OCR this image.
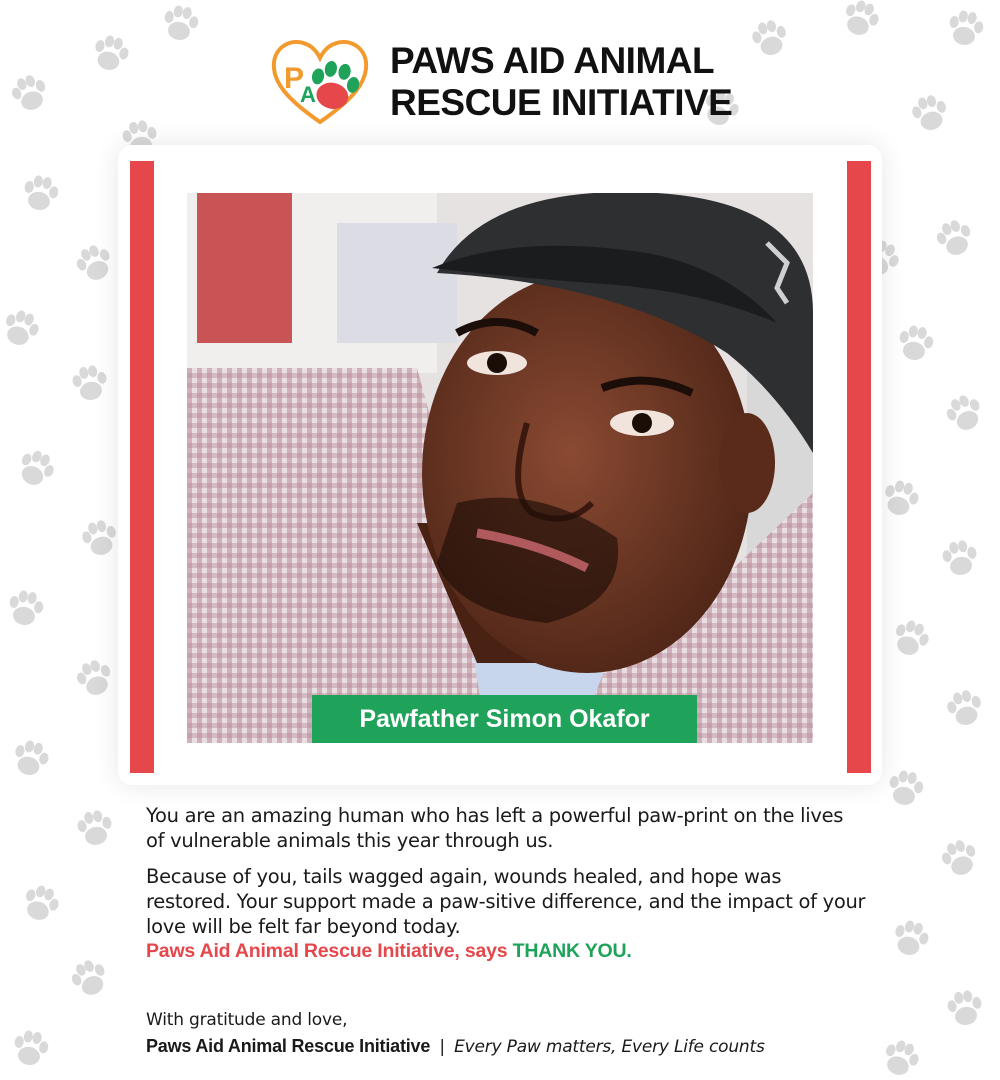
P
A
PAWS AID ANIMAL
RESCUE INITIATIVE
Pawfather Simon Okafor

You are an amazing human who has left a powerful paw-print on the lives of vulnerable animals this year through us.

Because of you, tails wagged again, wounds healed, and hope was restored. Your support made a paw-sitive difference, and the impact of your love will be felt far beyond today.

Paws Aid Animal Rescue Initiative, says THANK YOU.

With gratitude and love,
Paws Aid Animal Rescue Initiative | Every Paw matters, Every Life counts
